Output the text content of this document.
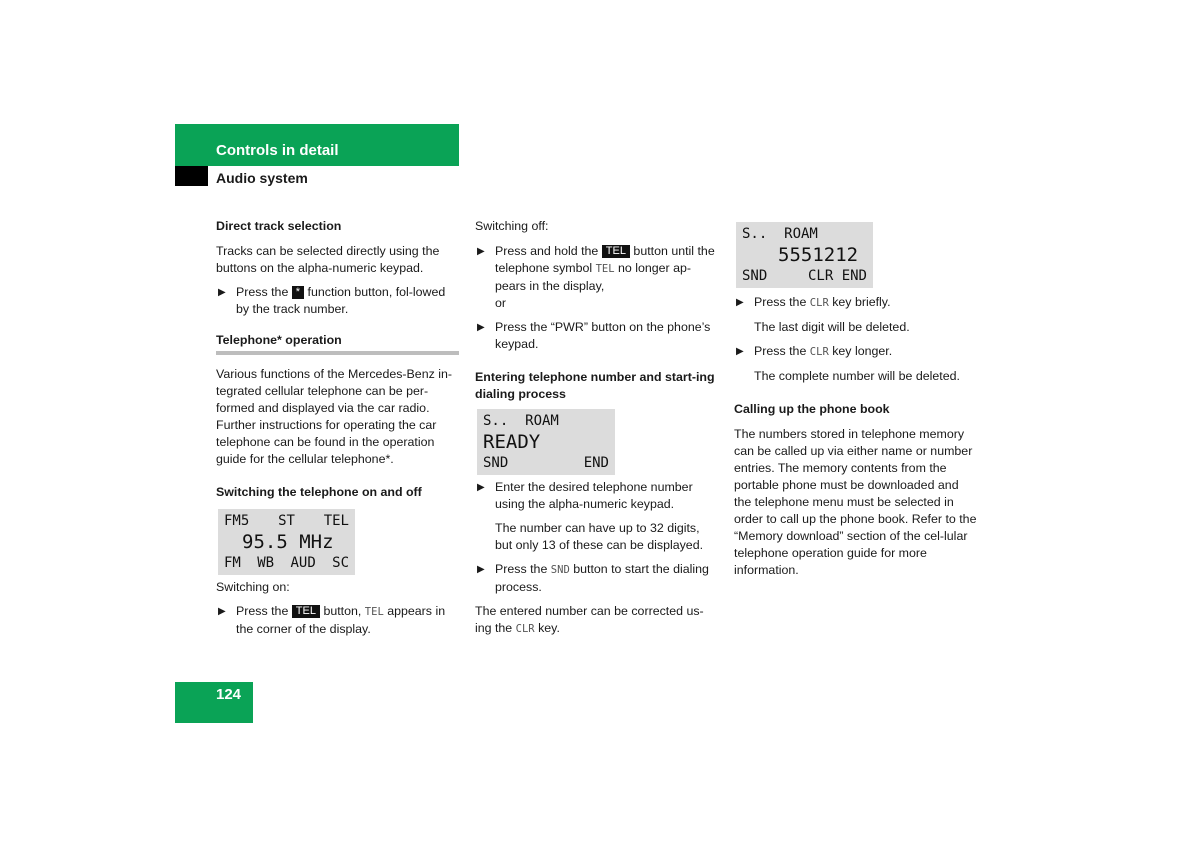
Controls in detail
Audio system
Direct track selection
Tracks can be selected directly using the buttons on the alpha-numeric keypad.
▶ Press the * function button, fol-lowed by the track number.
Telephone* operation
Various functions of the Mercedes-Benz in-tegrated cellular telephone can be per-formed and displayed via the car radio. Further instructions for operating the car telephone can be found in the operation guide for the cellular telephone*.
Switching the telephone on and off
FM5 ST TEL
95.5 MHz
FM WB AUD SC
Switching on:
▶ Press the TEL button, TEL appears in the corner of the display.
Switching off:
▶ Press and hold the TEL button until the telephone symbol TEL no longer ap-pears in the display,
or
▶ Press the “PWR” button on the phone’s keypad.
Entering telephone number and start-ing dialing process
S..  ROAM
READY
SND	END
▶ Enter the desired telephone number using the alpha-numeric keypad.
The number can have up to 32 digits, but only 13 of these can be displayed.
▶ Press the SND button to start the dialing process.
The entered number can be corrected us-ing the CLR key.
S..  ROAM
5551212
SND	CLR END
▶ Press the CLR key briefly.
The last digit will be deleted.
▶ Press the CLR key longer.
The complete number will be deleted.
Calling up the phone book
The numbers stored in telephone memory can be called up via either name or number entries. The memory contents from the portable phone must be downloaded and the telephone menu must be selected in order to call up the phone book. Refer to the “Memory download” section of the cel-lular telephone operation guide for more information.
124
